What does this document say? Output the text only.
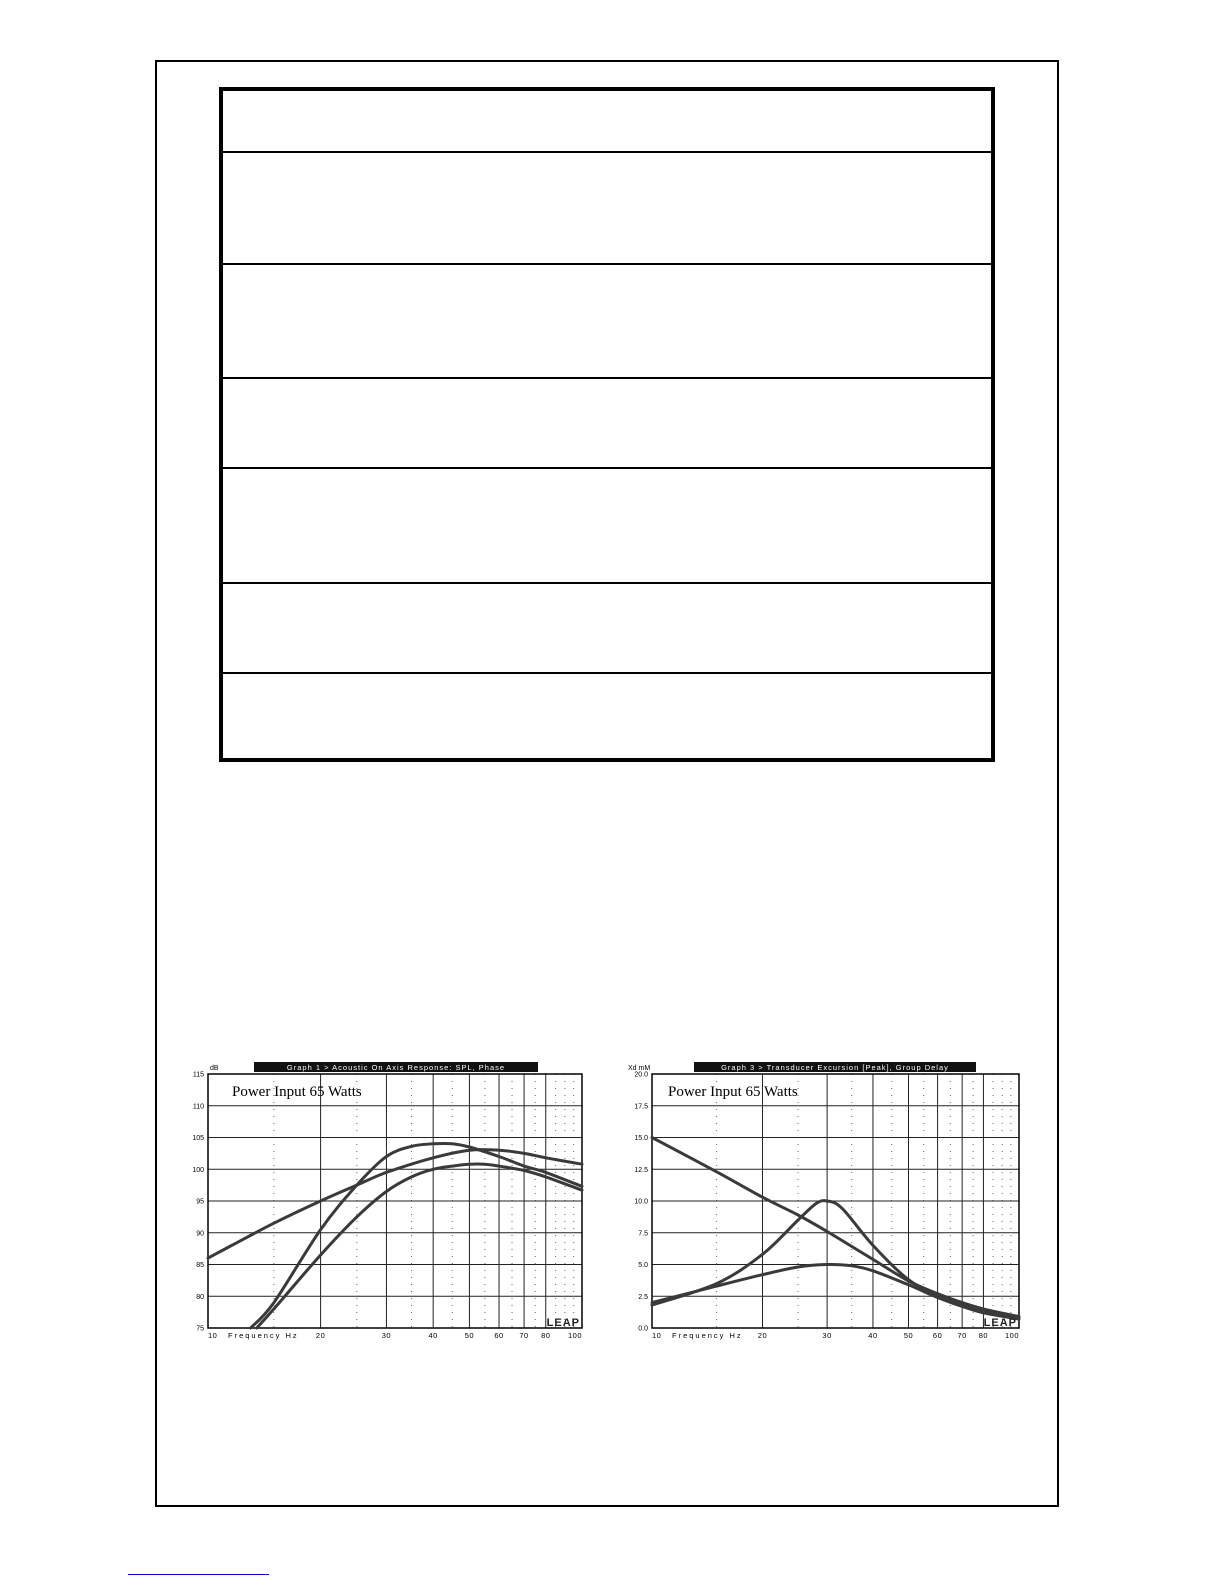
Graph 1 > Acoustic On Axis Response: SPL, Phase
dB
115
110
105
100
95
90
85
80
75
10	20	30	40	50	60 70 80 100
Frequency Hz
Power Input 65 Watts
LEAP
Graph 3 > Transducer Excursion [Peak], Group Delay
Xd mM
20.0
17.5
15.0
12.5
10.0
7.5
5.0
2.5
0.0
10	20	30	40	50	60 70 80 100
Frequency Hz
Power Input 65 Watts
LEAP
